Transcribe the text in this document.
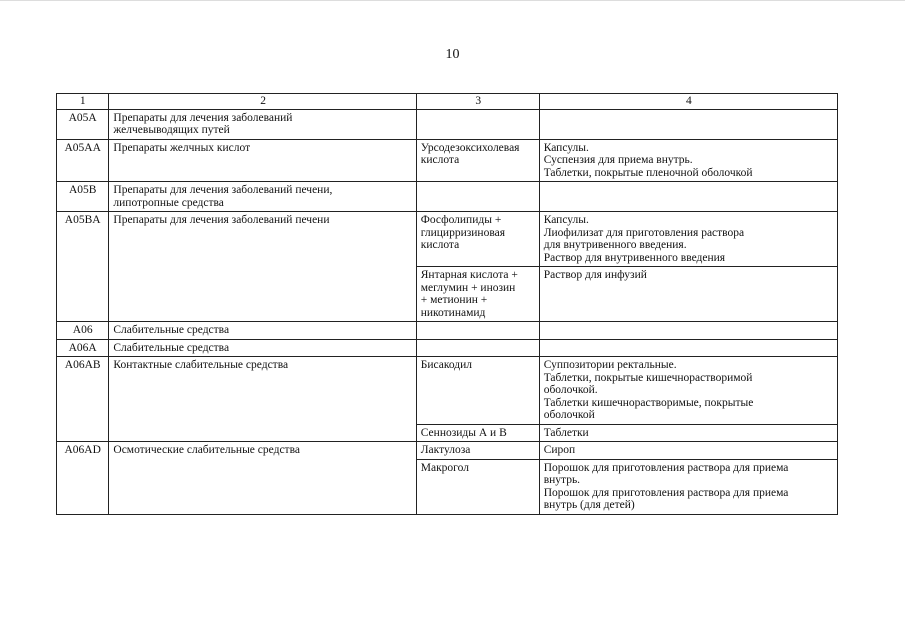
10
1	2	3	4
A05A	Препараты для лечения заболеваний
желчевыводящих путей		

A05AA	Препараты желчных кислот	Урсодезоксихолевая
кислота	Капсулы.
Суспензия для приема внутрь.
Таблетки, покрытые пленочной оболочкой

A05B	Препараты для лечения заболеваний печени,
липотропные средства		

A05BA	Препараты для лечения заболеваний печени	Фосфолипиды +
глицирризиновая
кислота	Капсулы.
Лиофилизат для приготовления раствора
для внутривенного введения.
Раствор для внутривенного введения

		Янтарная кислота +
меглумин + инозин
+ метионин +
никотинамид	Раствор для инфузий

A06	Слабительные средства		

A06A	Слабительные средства		

A06AB	Контактные слабительные средства	Бисакодил	Суппозитории ректальные.
Таблетки, покрытые кишечнорастворимой
оболочкой.
Таблетки кишечнорастворимые, покрытые
оболочкой

		Сеннозиды А и В	Таблетки

A06AD	Осмотические слабительные средства	Лактулоза	Сироп

		Макрогол	Порошок для приготовления раствора для приема
внутрь.
Порошок для приготовления раствора для приема
внутрь (для детей)
